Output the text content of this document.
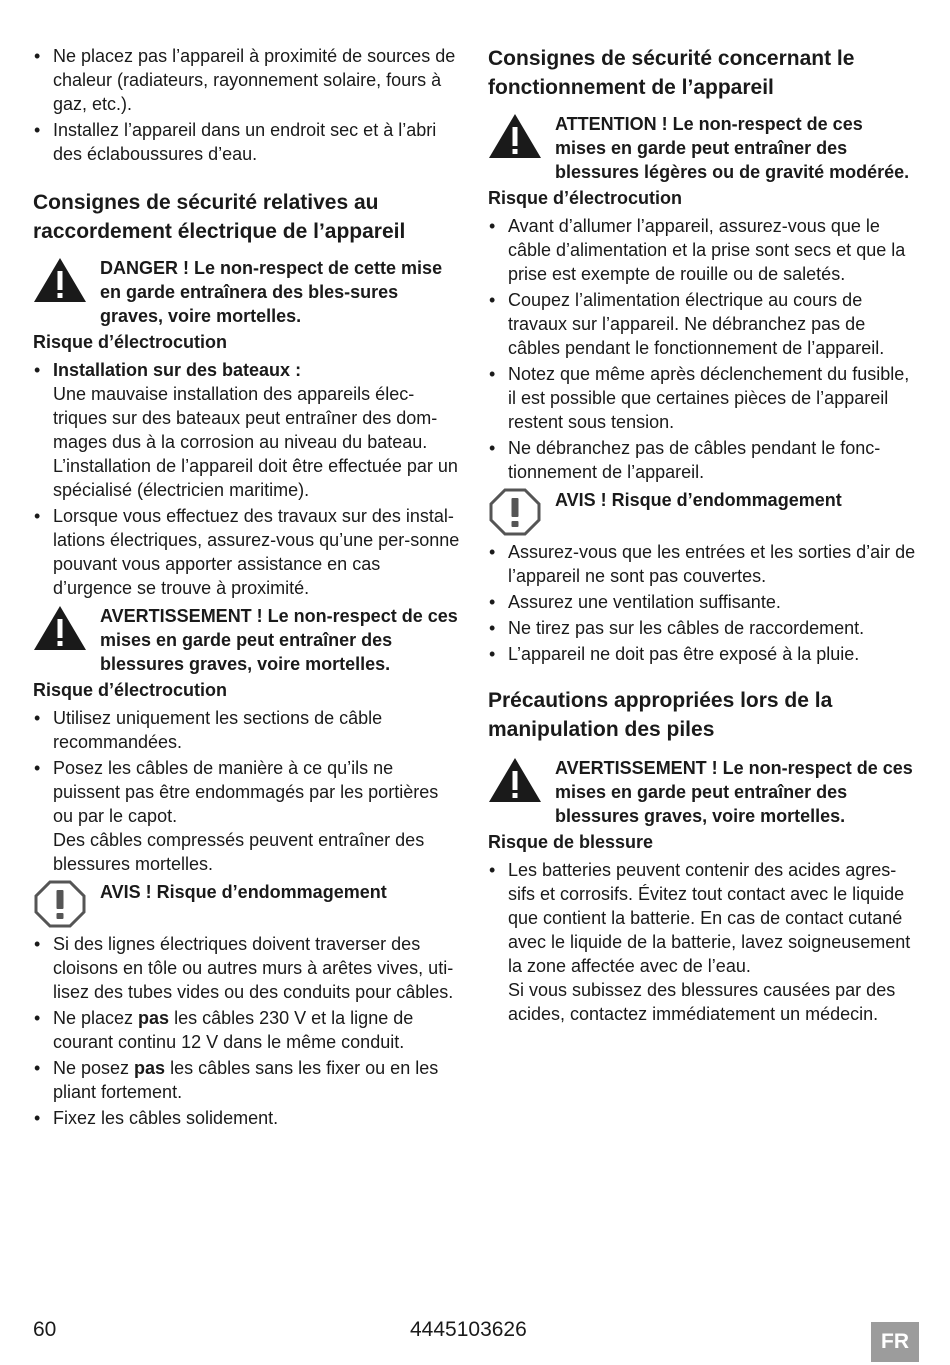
• Ne placez pas l’appareil à proximité de sources de chaleur (radiateurs, rayonnement solaire, fours à gaz, etc.).
• Installez l’appareil dans un endroit sec et à l’abri des éclaboussures d’eau.
Consignes de sécurité relatives au raccordement électrique de l’appareil
DANGER ! Le non-respect de cette mise en garde entraînera des bles-sures graves, voire mortelles.
Risque d’électrocution
• Installation sur des bateaux :
Une mauvaise installation des appareils élec-triques sur des bateaux peut entraîner des dom-mages dus à la corrosion au niveau du bateau. L’installation de l’appareil doit être effectuée par un spécialisé (électricien maritime).
• Lorsque vous effectuez des travaux sur des instal-lations électriques, assurez-vous qu’une per-sonne pouvant vous apporter assistance en cas d’urgence se trouve à proximité.
AVERTISSEMENT ! Le non-respect de ces mises en garde peut entraîner des blessures graves, voire mortelles.
Risque d’électrocution
• Utilisez uniquement les sections de câble recommandées.
• Posez les câbles de manière à ce qu’ils ne puissent pas être endommagés par les portières ou par le capot.
Des câbles compressés peuvent entraîner des blessures mortelles.
AVIS ! Risque d’endommagement
• Si des lignes électriques doivent traverser des cloisons en tôle ou autres murs à arêtes vives, uti-lisez des tubes vides ou des conduits pour câbles.
• Ne placez pas les câbles 230 V et la ligne de courant continu 12 V dans le même conduit.
• Ne posez pas les câbles sans les fixer ou en les pliant fortement.
• Fixez les câbles solidement.
Consignes de sécurité concernant le fonctionnement de l’appareil
ATTENTION ! Le non-respect de ces mises en garde peut entraîner des blessures légères ou de gravité modérée.
Risque d’électrocution
• Avant d’allumer l’appareil, assurez-vous que le câble d’alimentation et la prise sont secs et que la prise est exempte de rouille ou de saletés.
• Coupez l’alimentation électrique au cours de travaux sur l’appareil. Ne débranchez pas de câbles pendant le fonctionnement de l’appareil.
• Notez que même après déclenchement du fusible, il est possible que certaines pièces de l’appareil restent sous tension.
• Ne débranchez pas de câbles pendant le fonc-tionnement de l’appareil.
AVIS ! Risque d’endommagement
• Assurez-vous que les entrées et les sorties d’air de l’appareil ne sont pas couvertes.
• Assurez une ventilation suffisante.
• Ne tirez pas sur les câbles de raccordement.
• L’appareil ne doit pas être exposé à la pluie.
Précautions appropriées lors de la manipulation des piles
AVERTISSEMENT ! Le non-respect de ces mises en garde peut entraîner des blessures graves, voire mortelles.
Risque de blessure
• Les batteries peuvent contenir des acides agres-sifs et corrosifs. Évitez tout contact avec le liquide que contient la batterie. En cas de contact cutané avec le liquide de la batterie, lavez soigneusement la zone affectée avec de l’eau.
Si vous subissez des blessures causées par des acides, contactez immédiatement un médecin.
60	4445103626
FR
